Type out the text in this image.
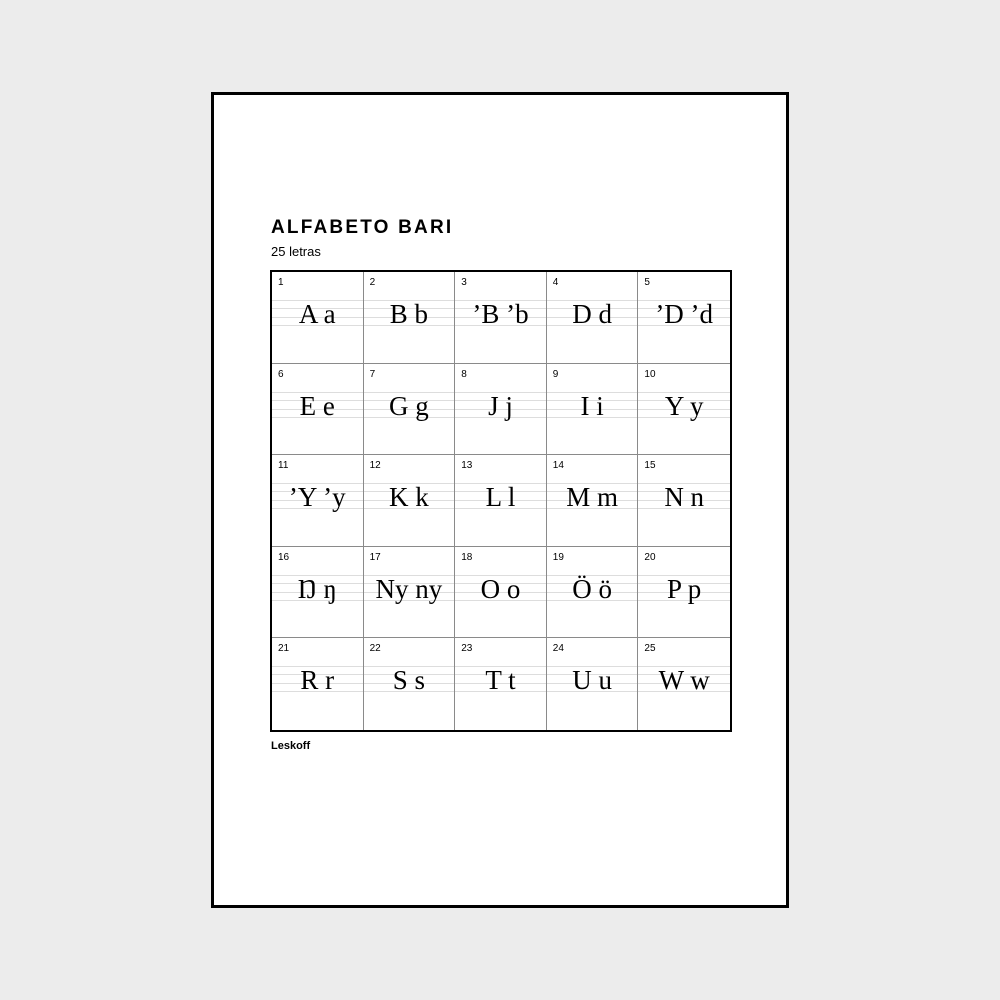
ALFABETO BARI
25 letras
1
A a
2
B b
3
’B ’b
4
D d
5
’D ’d
6
E e
7
G g
8
J j
9
I i
10
Y y
11
’Y ’y
12
K k
13
L l
14
M m
15
N n
16
Ŋ ŋ
17
Ny ny
18
O o
19
Ö ö
20
P p
21
R r
22
S s
23
T t
24
U u
25
W w
Leskoff
